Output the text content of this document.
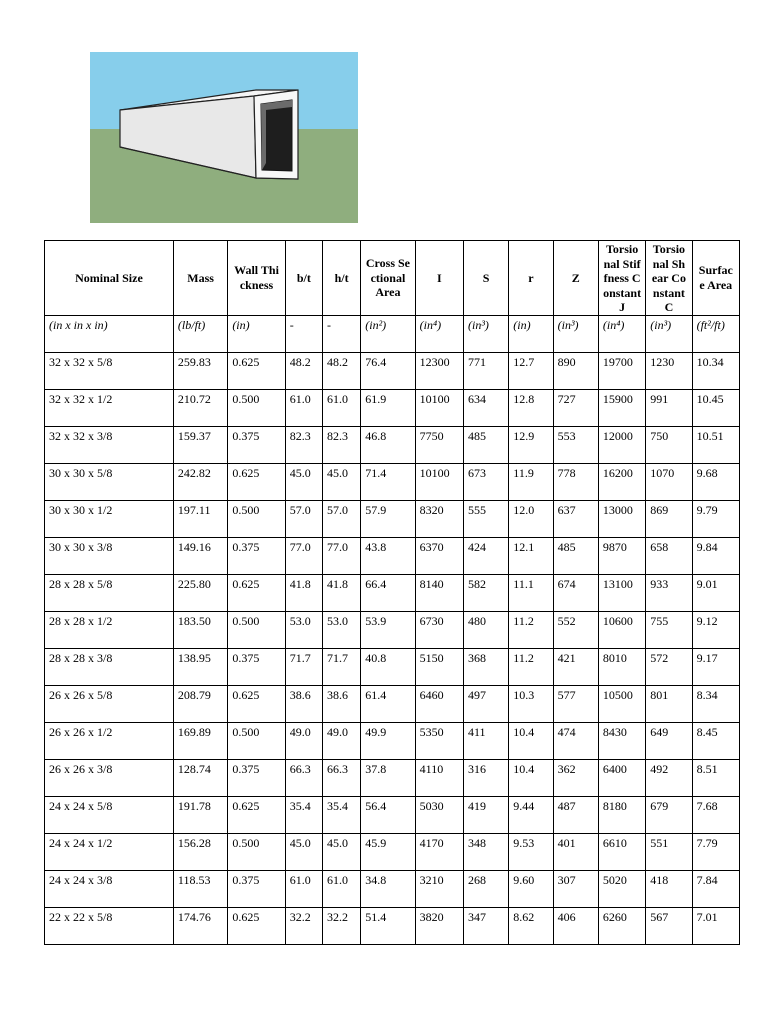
Nominal Size	Mass	Wall Thickness	b/t	h/t	Cross Sectional Area	I	S	r	Z	Torsional Stiffness Constant J	Torsional Shear Constant C	Surface Area
(in x in x in)	(lb/ft)	(in)	-	-	(in²)	(in⁴)	(in³)	(in)	(in³)	(in⁴)	(in³)	(ft²/ft)
32 x 32 x 5/8	259.83	0.625	48.2	48.2	76.4	12300	771	12.7	890	19700	1230	10.34
32 x 32 x 1/2	210.72	0.500	61.0	61.0	61.9	10100	634	12.8	727	15900	991	10.45
32 x 32 x 3/8	159.37	0.375	82.3	82.3	46.8	7750	485	12.9	553	12000	750	10.51
30 x 30 x 5/8	242.82	0.625	45.0	45.0	71.4	10100	673	11.9	778	16200	1070	9.68
30 x 30 x 1/2	197.11	0.500	57.0	57.0	57.9	8320	555	12.0	637	13000	869	9.79
30 x 30 x 3/8	149.16	0.375	77.0	77.0	43.8	6370	424	12.1	485	9870	658	9.84
28 x 28 x 5/8	225.80	0.625	41.8	41.8	66.4	8140	582	11.1	674	13100	933	9.01
28 x 28 x 1/2	183.50	0.500	53.0	53.0	53.9	6730	480	11.2	552	10600	755	9.12
28 x 28 x 3/8	138.95	0.375	71.7	71.7	40.8	5150	368	11.2	421	8010	572	9.17
26 x 26 x 5/8	208.79	0.625	38.6	38.6	61.4	6460	497	10.3	577	10500	801	8.34
26 x 26 x 1/2	169.89	0.500	49.0	49.0	49.9	5350	411	10.4	474	8430	649	8.45
26 x 26 x 3/8	128.74	0.375	66.3	66.3	37.8	4110	316	10.4	362	6400	492	8.51
24 x 24 x 5/8	191.78	0.625	35.4	35.4	56.4	5030	419	9.44	487	8180	679	7.68
24 x 24 x 1/2	156.28	0.500	45.0	45.0	45.9	4170	348	9.53	401	6610	551	7.79
24 x 24 x 3/8	118.53	0.375	61.0	61.0	34.8	3210	268	9.60	307	5020	418	7.84
22 x 22 x 5/8	174.76	0.625	32.2	32.2	51.4	3820	347	8.62	406	6260	567	7.01
